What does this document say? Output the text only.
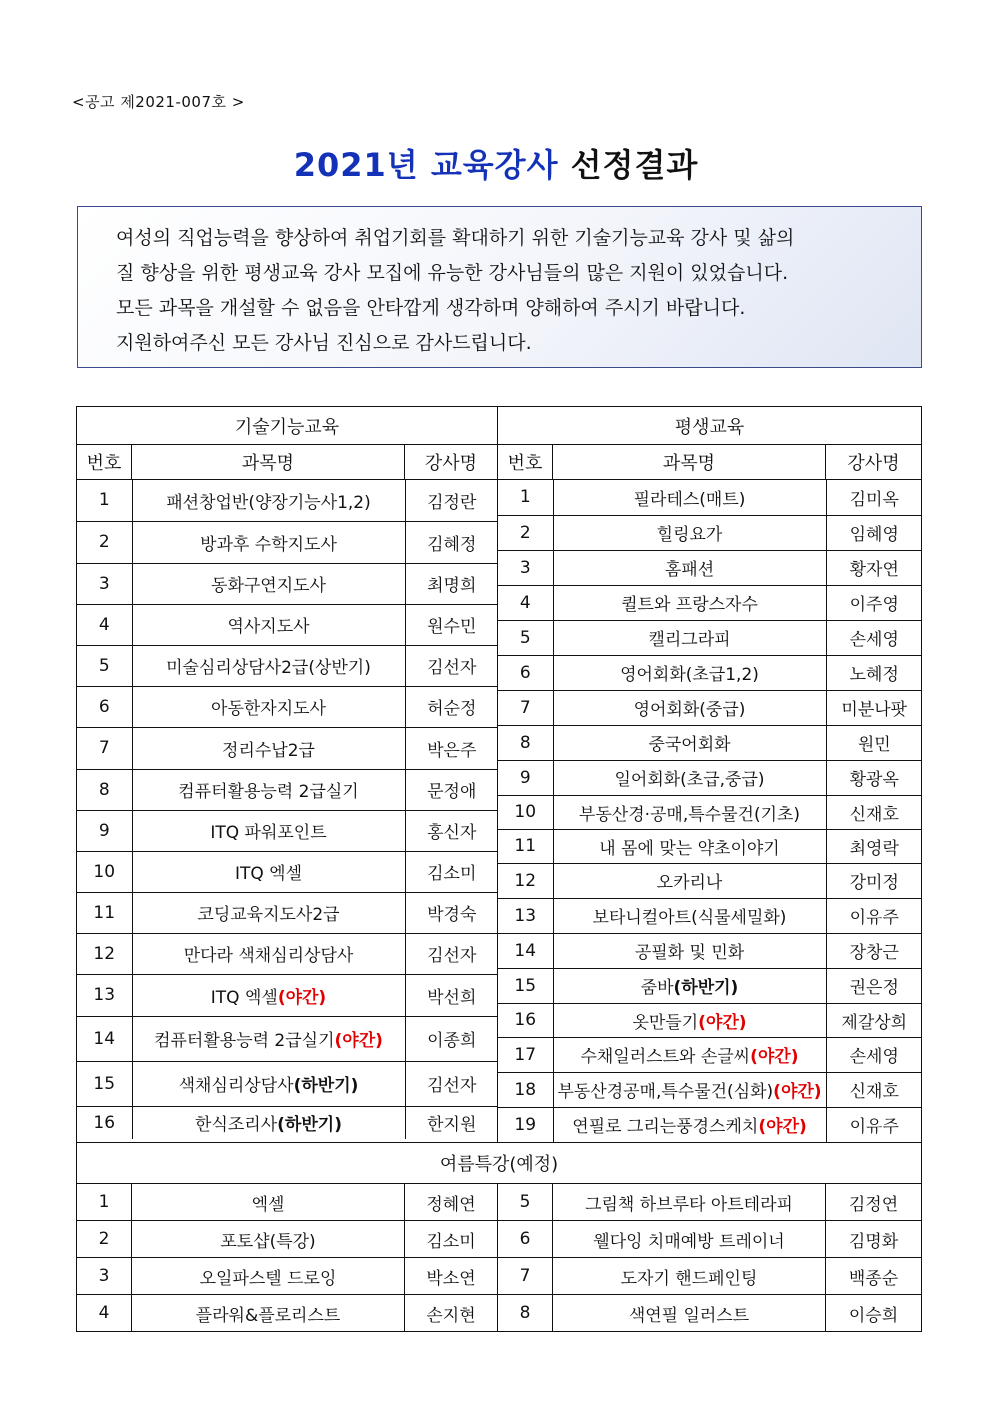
<공고 제2021-007호 >
2021년 교육강사 선정결과
여성의 직업능력을 향상하여 취업기회를 확대하기 위한 기술기능교육 강사 및 삶의
질 향상을 위한 평생교육 강사 모집에 유능한 강사님들의 많은 지원이 있었습니다.
모든 과목을 개설할 수 없음을 안타깝게 생각하며 양해하여 주시기 바랍니다.
지원하여주신 모든 강사님 진심으로 감사드립니다.
기술기능교육	평생교육
번호	과목명	강사명	번호	과목명	강사명

1	패션창업반(양장기능사1,2)	김정란
2	방과후 수학지도사	김혜정
3	동화구연지도사	최명희
4	역사지도사	원수민
5	미술심리상담사2급(상반기)	김선자
6	아동한자지도사	허순정
7	정리수납2급	박은주
8	컴퓨터활용능력 2급실기	문정애
9	ITQ 파워포인트	홍신자
10	ITQ 엑셀	김소미
11	코딩교육지도사2급	박경숙
12	만다라 색채심리상담사	김선자
13	ITQ 엑셀(야간)	박선희
14	컴퓨터활용능력 2급실기(야간)	이종희
15	색채심리상담사(하반기)	김선자
16	한식조리사(하반기)	한지원

1	필라테스(매트)	김미옥
2	힐링요가	임혜영
3	홈패션	황자연
4	퀼트와 프랑스자수	이주영
5	캘리그라피	손세영
6	영어회화(초급1,2)	노혜정
7	영어회화(중급)	미분나팟
8	중국어회화	원민
9	일어회화(초급,중급)	황광옥
10	부동산경·공매,특수물건(기초)	신재호
11	내 몸에 맞는 약초이야기	최영락
12	오카리나	강미정
13	보타니컬아트(식물세밀화)	이유주
14	공필화 및 민화	장창근
15	줌바(하반기)	권은정
16	옷만들기(야간)	제갈상희
17	수채일러스트와 손글씨(야간)	손세영
18	부동산경공매,특수물건(심화)(야간)	신재호
19	연필로 그리는풍경스케치(야간)	이유주

여름특강(예정)
1	엑셀	정혜연	5	그림책 하브루타 아트테라피	김정연
2	포토샵(특강)	김소미	6	웰다잉 치매예방 트레이너	김명화
3	오일파스텔 드로잉	박소연	7	도자기 핸드페인팅	백종순
4	플라워&플로리스트	손지현	8	색연필 일러스트	이승희
